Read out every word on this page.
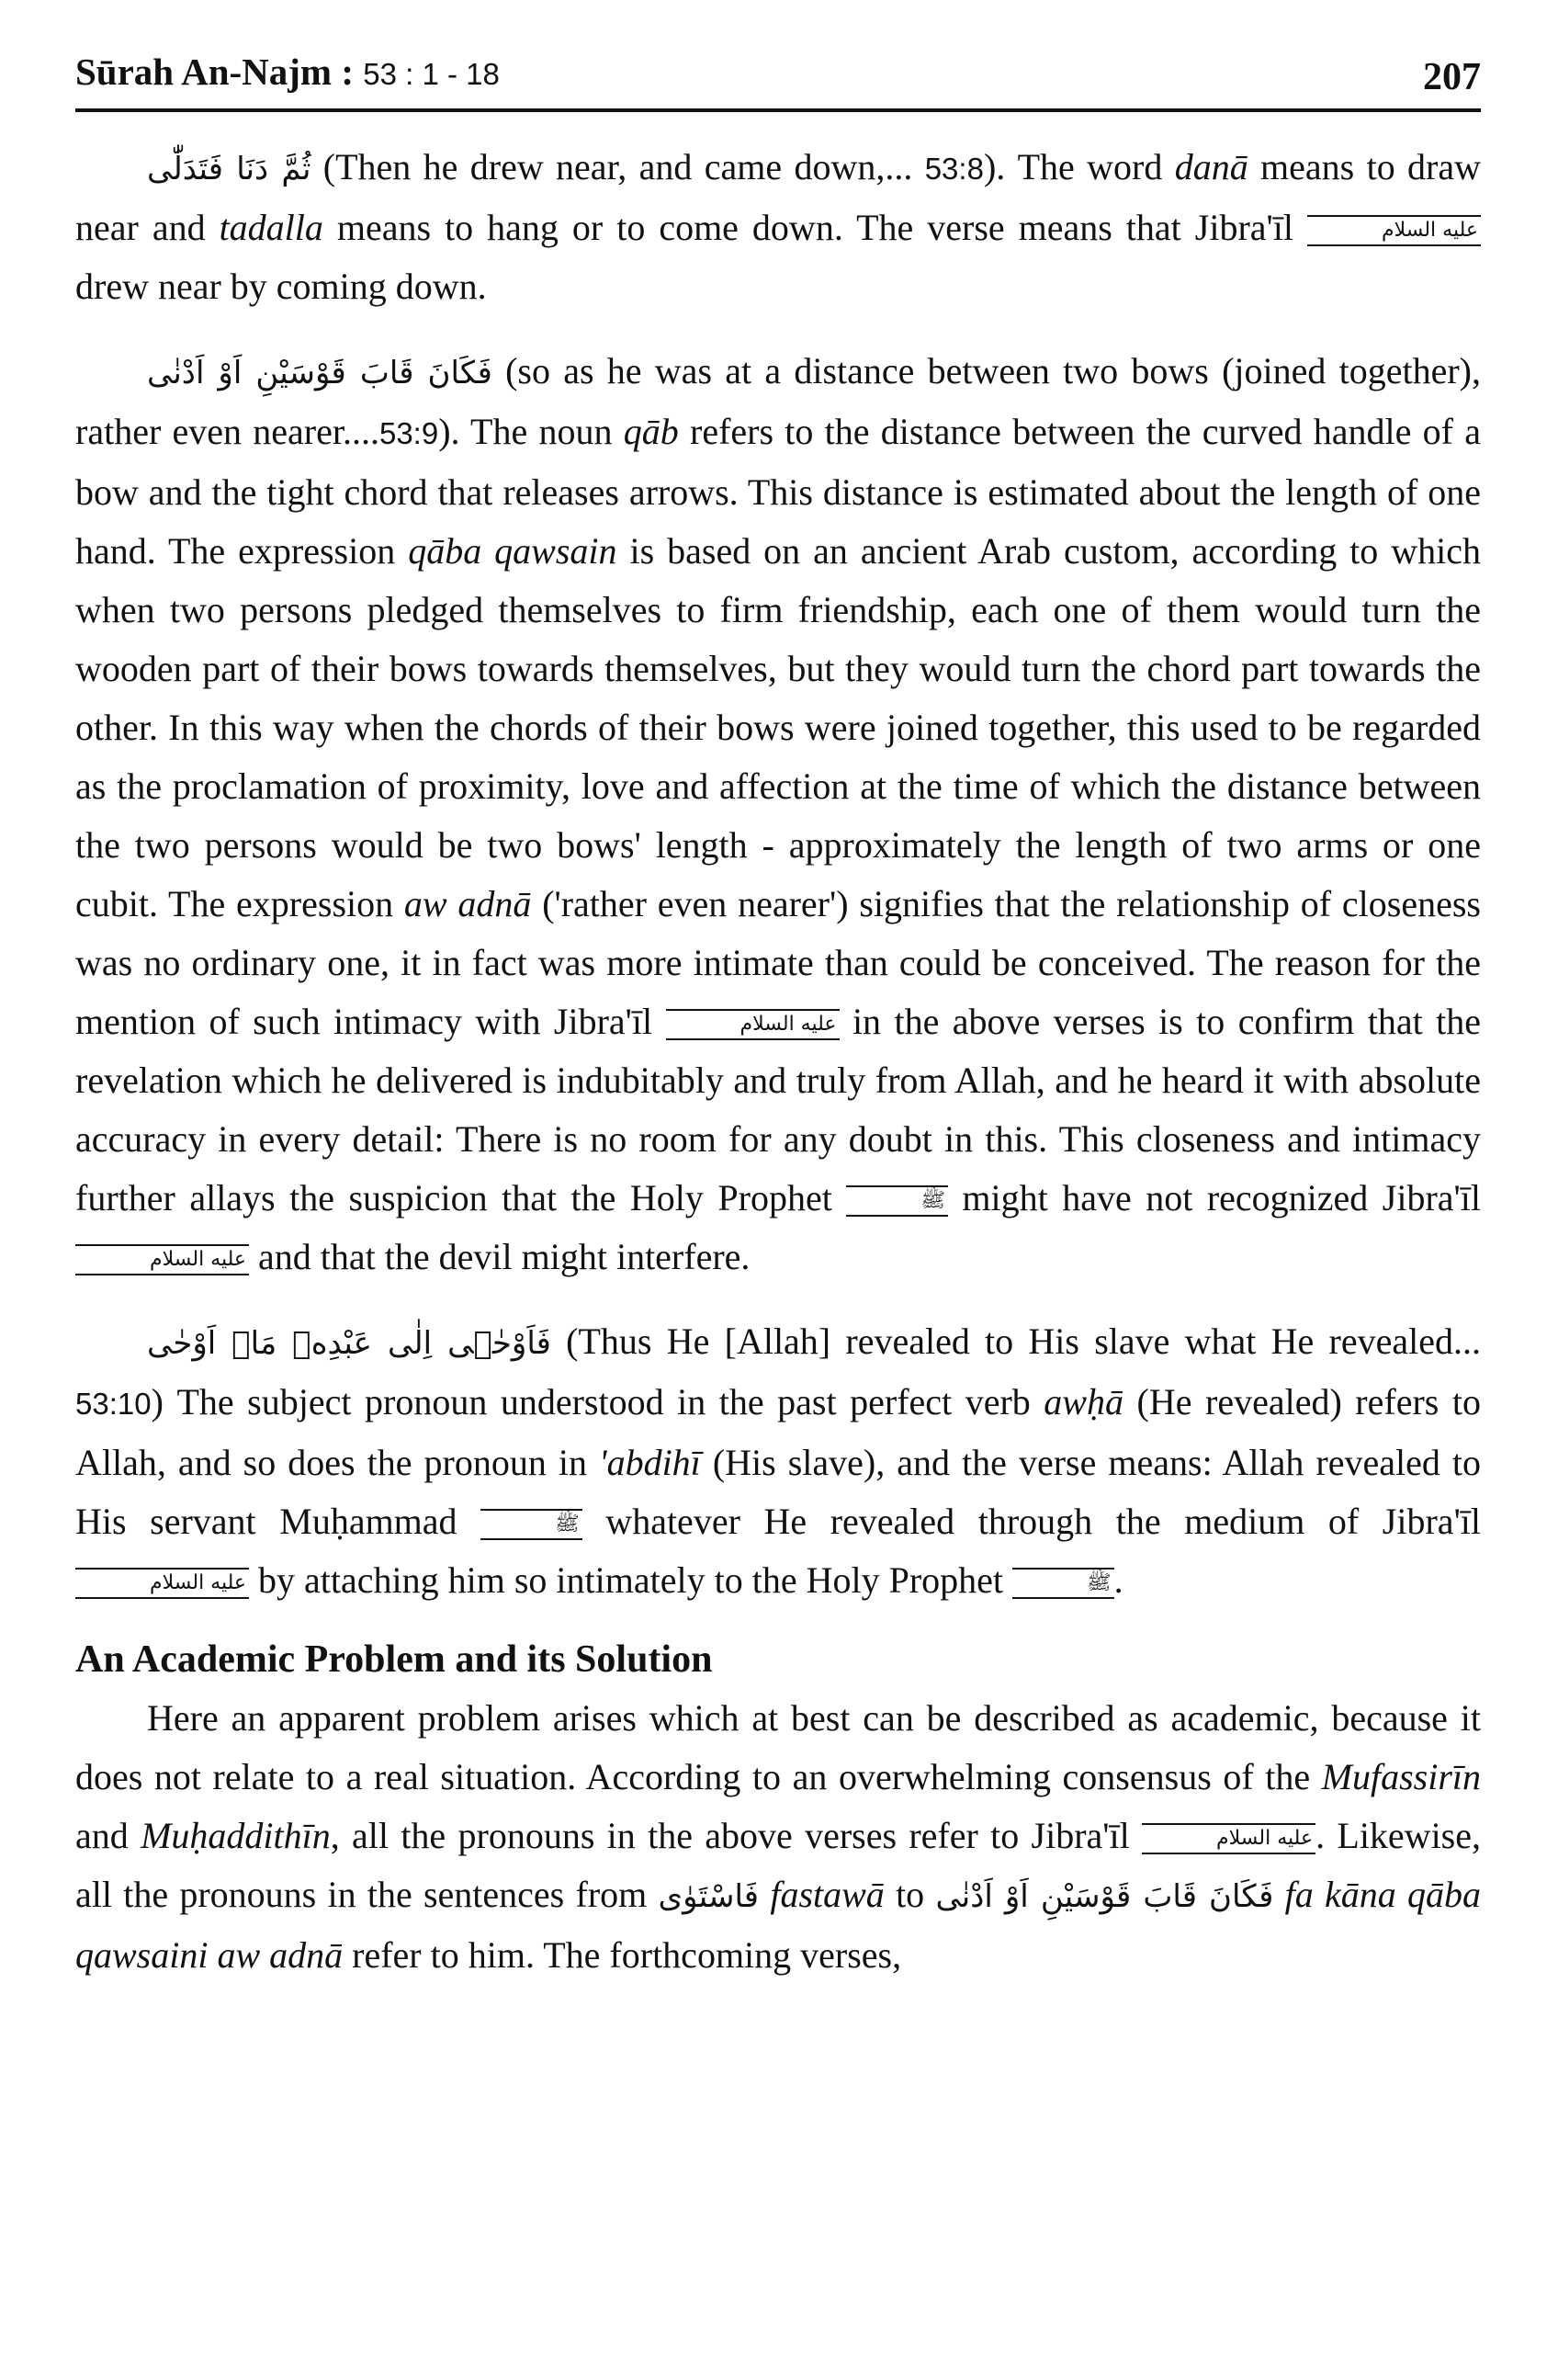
Sūrah An-Najm : 53 : 1 - 18	207

ثُمَّ دَنَا فَتَدَلّٰی (Then he drew near, and came down,... 53:8). The word danā means to draw near and tadalla means to hang or to come down. The verse means that Jibra'īl	عليه السلام drew near by coming down.

فَكَانَ قَابَ قَوْسَيْنِ اَوْ اَدْنٰی (so as he was at a distance between two bows (joined together), rather even nearer....53:9). The noun qāb refers to the distance between the curved handle of a bow and the tight chord that releases arrows. This distance is estimated about the length of one hand. The expression qāba qawsain is based on an ancient Arab custom, according to which when two persons pledged themselves to firm friendship, each one of them would turn the wooden part of their bows towards themselves, but they would turn the chord part towards the other. In this way when the chords of their bows were joined together, this used to be regarded as the proclamation of proximity, love and affection at the time of which the distance between the two persons would be two bows' length - approximately the length of two arms or one cubit. The expression aw adnā ('rather even nearer') signifies that the relationship of closeness was no ordinary one, it in fact was more intimate than could be conceived. The reason for the mention of such intimacy with Jibra'īl	عليه السلام in the above verses is to confirm that the revelation which he delivered is indubitably and truly from Allah, and he heard it with absolute accuracy in every detail: There is no room for any doubt in this. This closeness and intimacy further allays the suspicion that the Holy Prophet	ﷺ might have not recognized Jibra'īl عليه السلام and that the devil might interfere.

فَاَوْحٰۤی اِلٰی عَبْدِهٖ مَاۤ اَوْحٰی (Thus He [Allah] revealed to His slave what He revealed... 53:10) The subject pronoun understood in the past perfect verb awḥā (He revealed) refers to Allah, and so does the pronoun in 'abdihī (His slave), and the verse means: Allah revealed to His servant Muḥammad	ﷺ whatever He revealed through the medium of Jibra'īl عليه السلام by attaching him so intimately to the Holy Prophet	ﷺ.

An Academic Problem and its Solution

Here an apparent problem arises which at best can be described as academic, because it does not relate to a real situation. According to an overwhelming consensus of the Mufassirīn and Muḥaddithīn, all the pronouns in the above verses refer to Jibra'īl	عليه السلام. Likewise, all the pronouns in the sentences from فَاسْتَوٰی fastawā to فَكَانَ قَابَ قَوْسَيْنِ اَوْ اَدْنٰی fa kāna qāba qawsaini aw adnā refer to him. The forthcoming verses,
